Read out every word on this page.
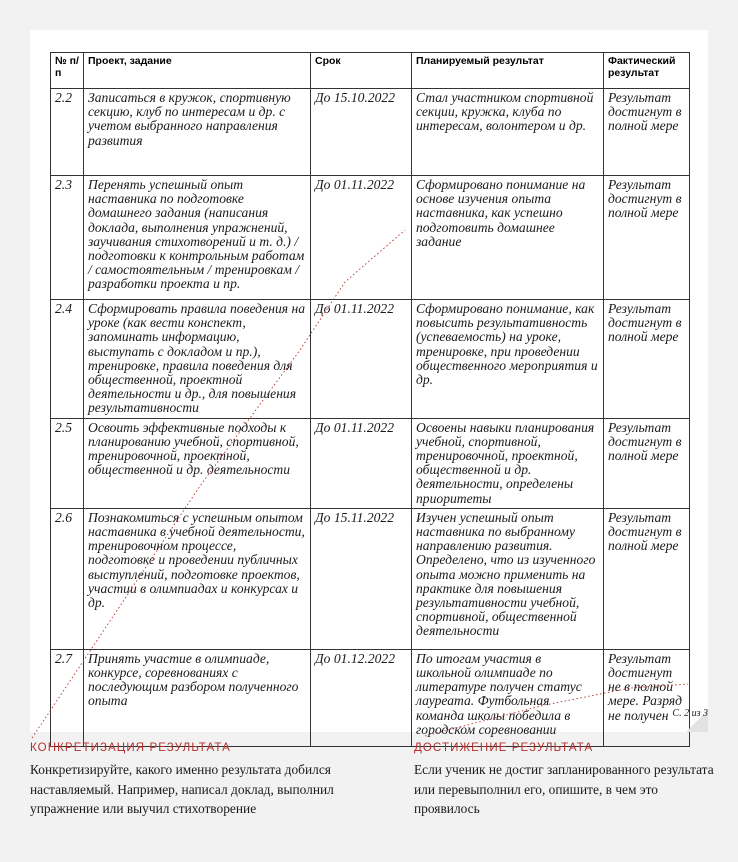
№ п/п	Проект, задание	Срок	Планируемый результат	Фактический результат
2.2	Записаться в кружок, спортивную секцию, клуб по интересам и др. с учетом выбранного направления развития	До 15.10.2022	Стал участником спортивной секции, кружка, клуба по интересам, волонтером и др.	Результат достигнут в полной мере
2.3	Перенять успешный опыт наставника по подготовке домашнего задания (написания доклада, выполнения упражнений, заучивания стихотворений и т. д.) / подготовки к контрольным работам / самостоятельным / тренировкам / разработки проекта и пр.	До 01.11.2022	Сформировано понимание на основе изучения опыта наставника, как успешно подготовить домашнее задание	Результат достигнут в полной мере
2.4	Сформировать правила поведения на уроке (как вести конспект, запоминать информацию, выступать с докладом и пр.), тренировке, правила поведения для общественной, проектной деятельности и др., для повышения результативности	До 01.11.2022	Сформировано понимание, как повысить результативность (успеваемость) на уроке, тренировке, при проведении общественного мероприятия и др.	Результат достигнут в полной мере
2.5	Освоить эффективные подходы к планированию учебной, спортивной, тренировочной, проектной, общественной и др. деятельности	До 01.11.2022	Освоены навыки планирования учебной, спортивной, тренировочной, проектной, общественной и др. деятельности, определены приоритеты	Результат достигнут в полной мере
2.6	Познакомиться с успешным опытом наставника в учебной деятельности, тренировочном процессе, подготовке и проведении публичных выступлений, подготовке проектов, участии в олимпиадах и конкурсах и др.	До 15.11.2022	Изучен успешный опыт наставника по выбранному направлению развития. Определено, что из изученного опыта можно применить на практике для повышения результативности учебной, спортивной, общественной деятельности	Результат достигнут в полной мере
2.7	Принять участие в олимпиаде, конкурсе, соревнованиях с последующим разбором полученного опыта	До 01.12.2022	По итогам участия в школьной олимпиаде по литературе получен статус лауреата. Футбольная команда школы победила в городском соревновании	Результат достигнут не в полной мере. Разряд не получен С. 2 из 3
КОНКРЕТИЗАЦИЯ РЕЗУЛЬТАТА

Конкретизируйте, какого именно результата добился наставляемый. Например, написал доклад, выполнил упражнение или выучил стихотворение

ДОСТИЖЕНИЕ РЕЗУЛЬТАТА

Если ученик не достиг запланированного результата или перевыполнил его, опишите, в чем это проявилось
